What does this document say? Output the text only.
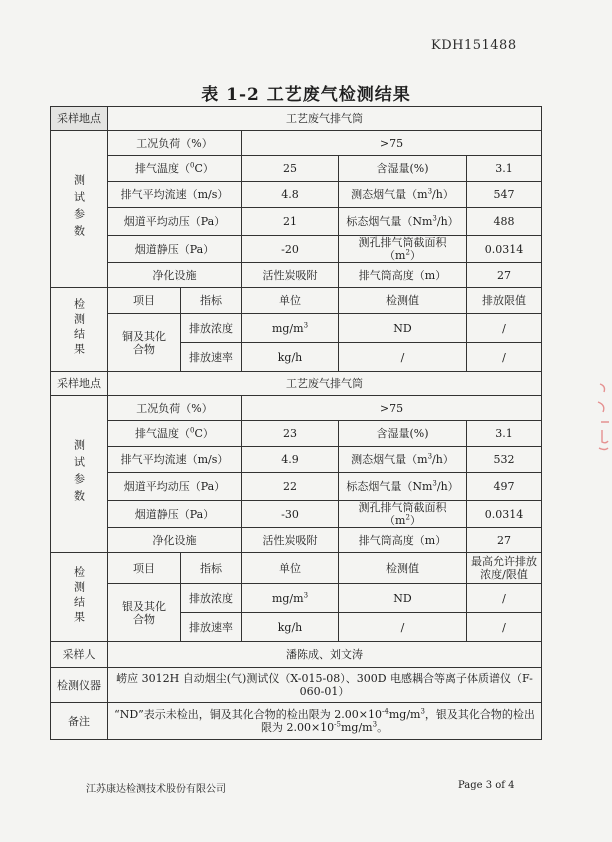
KDH151488
表 1-2 工艺废气检测结果
采样地点	工艺废气排气筒				
测试参数	工况负荷（%）		>75		
	排气温度（$^0$C）		25	含湿量(%)	3.1
	排气平均流速（m/s）		4.8	测态烟气量$(m^3/h)$	547
	烟道平均动压（Pa）		21	标态烟气量（Nm$^3$/h）	488
	烟道静压（Pa）		-20	测孔排气筒截面积$(m^2)$	0.0314
	净化设施		活性炭吸附	排气筒高度（m）	27
检测结果	项目	指标	单位	检测值	排放限值
	铜及其化合物	排放浓度	$mg/m^3$	ND	/
		排放速率	kg/h	/	/
采样地点	工艺废气排气筒				
测试参数	工况负荷（%）		>75		
	排气温度（$^0$C）		23	含湿量(%)	3.1
	排气平均流速（m/s）		4.9	测态烟气量$(m^3/h)$	532
	烟道平均动压（Pa）		22	标态烟气量（Nm$^3$/h）	497
	烟道静压（Pa）		-30	测孔排气筒截面积$(m^2)$	0.0314
	净化设施		活性炭吸附	排气筒高度（m）	27
检测结果	项目	指标	单位	检测值	最高允许排放浓度/限值
	银及其化合物	排放浓度	$mg/m^3$	ND	/
		排放速率	kg/h	/	/
采样人	潘陈成、刘文涛				
检测仪器	崂应 3012H 自动烟尘(气)测试仪（X-015-08）、300D 电感耦合等离子体质谱仪（F-060-01）				
备注	“ND”表示未检出，铜及其化合物的检出限为 $2.00\times 10^{-4}mg/m^3$，银及其化合物的检出限为 $2.00\times 10^{-5}mg/m^3$。				
江苏康达检测技术股份有限公司	Page 3 of 4
